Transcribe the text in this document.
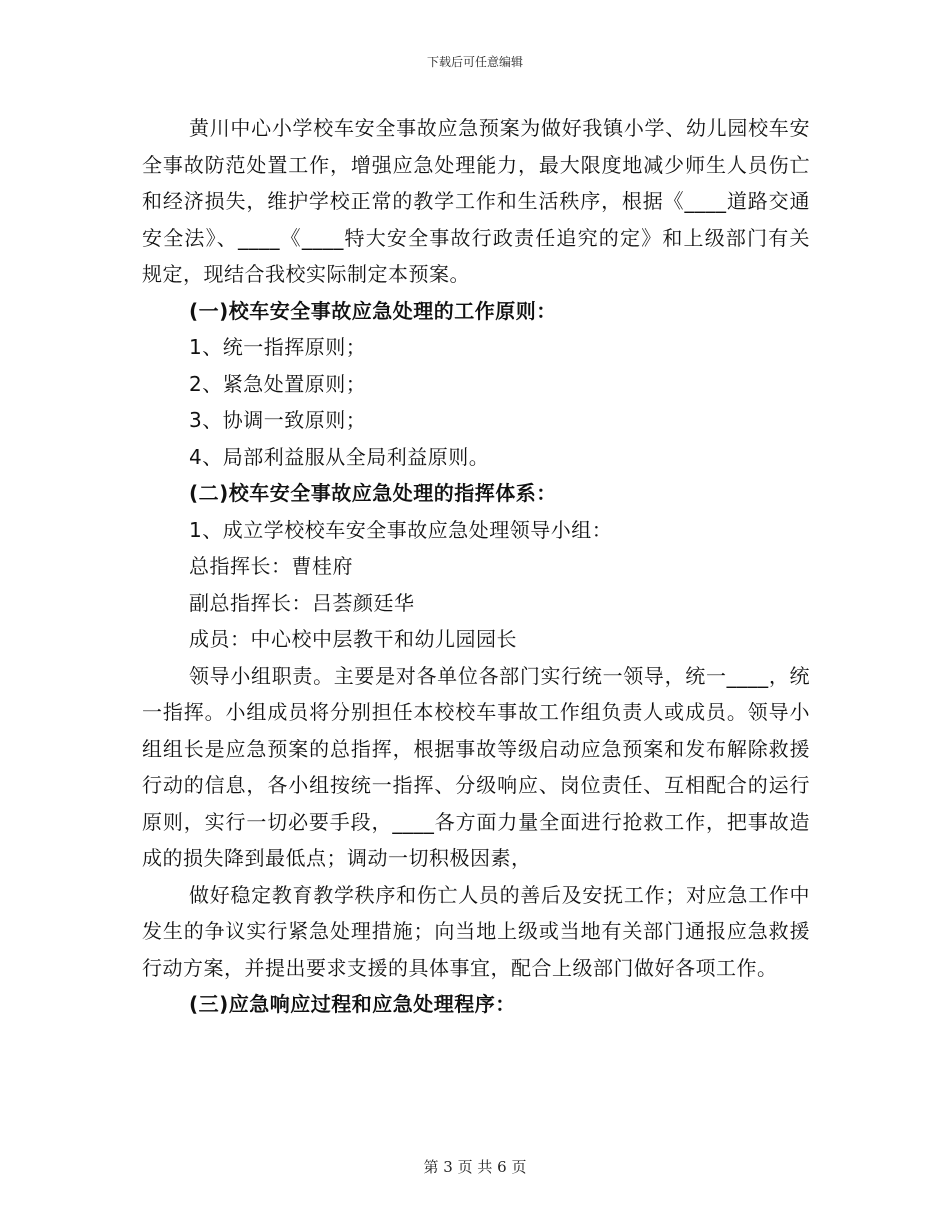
下载后可任意编辑

黄川中心小学校车安全事故应急预案为做好我镇小学、幼儿园校车安全事故防范处置工作，增强应急处理能力，最大限度地减少师生人员伤亡和经济损失，维护学校正常的教学工作和生活秩序，根据《____道路交通安全法》、____《____特大安全事故行政责任追究的定》和上级部门有关规定，现结合我校实际制定本预案。

(一)校车安全事故应急处理的工作原则：

1、统一指挥原则；

2、紧急处置原则；

3、协调一致原则；

4、局部利益服从全局利益原则。

(二)校车安全事故应急处理的指挥体系：

1、成立学校校车安全事故应急处理领导小组：

总指挥长：曹桂府

副总指挥长：吕荟颜廷华

成员：中心校中层教干和幼儿园园长

领导小组职责。主要是对各单位各部门实行统一领导，统一____，统一指挥。小组成员将分别担任本校校车事故工作组负责人或成员。领导小组组长是应急预案的总指挥，根据事故等级启动应急预案和发布解除救援行动的信息，各小组按统一指挥、分级响应、岗位责任、互相配合的运行原则，实行一切必要手段，____各方面力量全面进行抢救工作，把事故造成的损失降到最低点；调动一切积极因素，

做好稳定教育教学秩序和伤亡人员的善后及安抚工作；对应急工作中发生的争议实行紧急处理措施；向当地上级或当地有关部门通报应急救援行动方案，并提出要求支援的具体事宜，配合上级部门做好各项工作。

(三)应急响应过程和应急处理程序：

第 3 页 共 6 页
